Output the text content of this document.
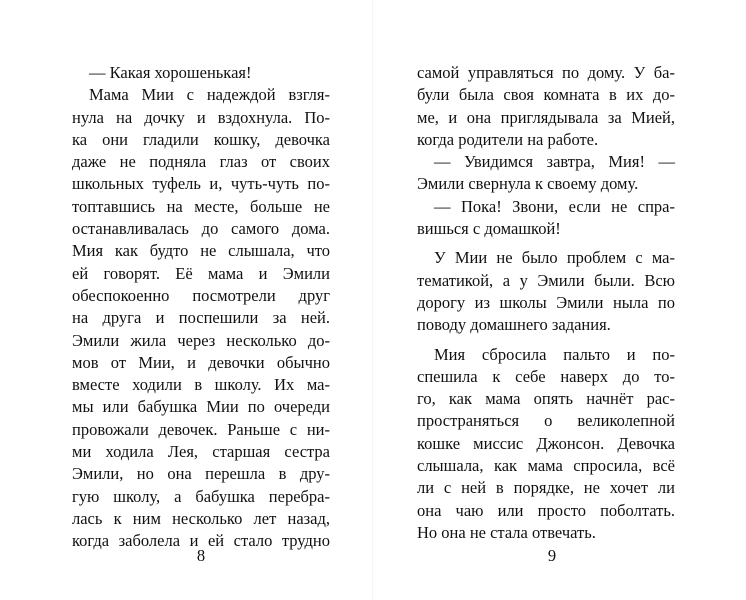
— Какая хорошенькая!
Мама Мии с надеждой взгля-
нула на дочку и вздохнула. По-
ка они гладили кошку, девочка
даже не подняла глаз от своих
школьных туфель и, чуть-чуть по-
топтавшись на месте, больше не
останавливалась до самого дома.
Мия как будто не слышала, что
ей говорят. Её мама и Эмили
обеспокоенно посмотрели друг
на друга и поспешили за ней.
Эмили жила через несколько до-
мов от Мии, и девочки обычно
вместе ходили в школу. Их ма-
мы или бабушка Мии по очереди
провожали девочек. Раньше с ни-
ми ходила Лея, старшая сестра
Эмили, но она перешла в дру-
гую школу, а бабушка перебра-
лась к ним несколько лет назад,
когда заболела и ей стало трудно
самой управляться по дому. У ба-
були была своя комната в их до-
ме, и она приглядывала за Мией,
когда родители на работе.
— Увидимся завтра, Мия! —
Эмили свернула к своему дому.
— Пока! Звони, если не спра-
вишься с домашкой!
У Мии не было проблем с ма-
тематикой, а у Эмили были. Всю
дорогу из школы Эмили ныла по
поводу домашнего задания.
Мия сбросила пальто и по-
спешила к себе наверх до то-
го, как мама опять начнёт рас-
пространяться о великолепной
кошке миссис Джонсон. Девочка
слышала, как мама спросила, всё
ли с ней в порядке, не хочет ли
она чаю или просто поболтать.
Но она не стала отвечать.
8	9
